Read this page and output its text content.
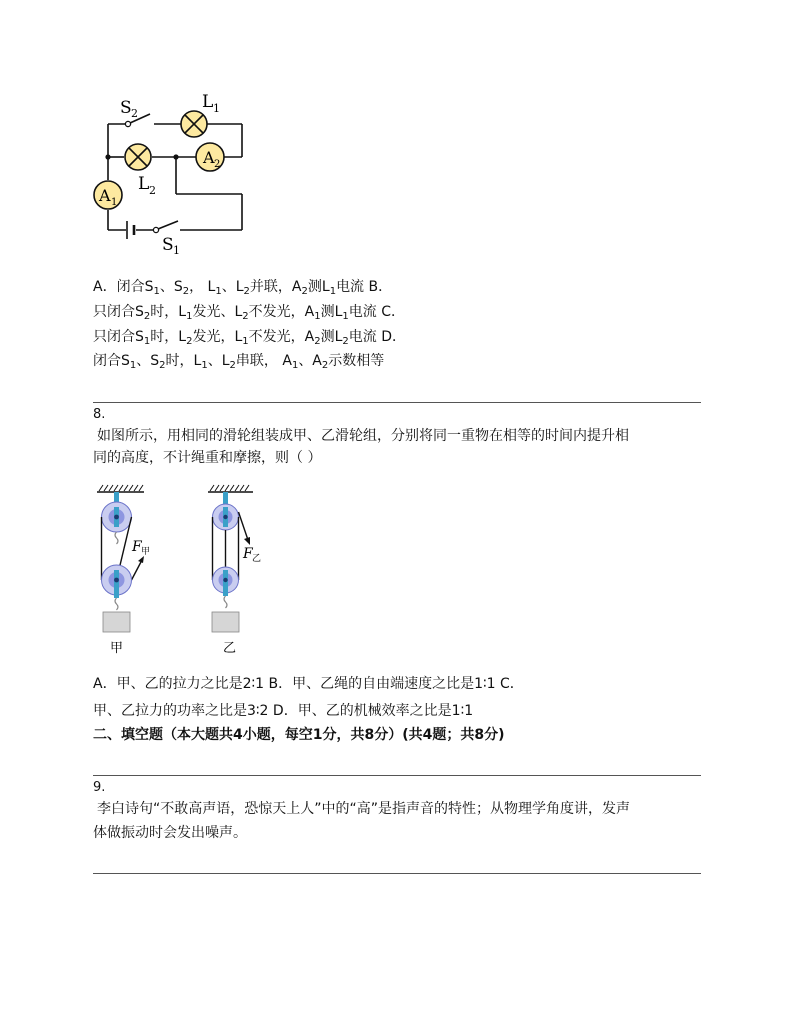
A 2
A 1
S 2
L 1
L 2
S 1
A．闭合$S_1$、$S_2$， $L_1$、$L_2$并联，$A_2$测$L_1$电流 B．
只闭合$S_2$时，$L_1$发光、$L_2$不发光，$A_1$测$L_1$电流 C．
只闭合$S_1$时，$L_2$发光，$L_1$不发光，$A_2$测$L_2$电流 D．
闭合$S_1$、$S_2$时，$L_1$、$L_2$串联， $A_1$、$A_2$示数相等
8.
如图所示，用相同的滑轮组装成甲、乙滑轮组，分别将同一重物在相等的时间内提升相
同的高度，不计绳重和摩擦，则（ ）
F 甲
甲
F 乙
乙
A．甲、乙的拉力之比是2∶1 B．甲、乙绳的自由端速度之比是1∶1 C．
甲、乙拉力的功率之比是3∶2 D．甲、乙的机械效率之比是1∶1
二、填空题（本大题共4小题，每空1分，共8分）(共4题；共8分)
9.
李白诗句“不敢高声语，恐惊天上人”中的“高”是指声音的特性；从物理学角度讲，发声
体做振动时会发出噪声。
